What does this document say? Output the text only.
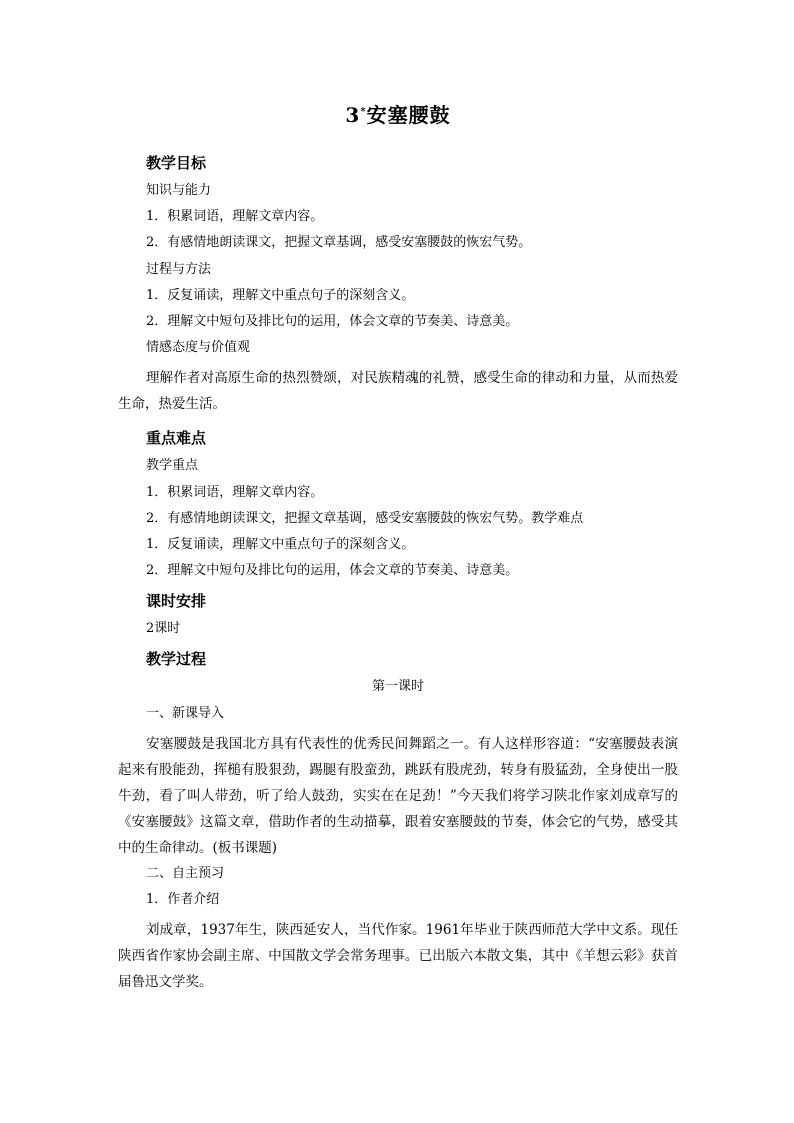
3*安塞腰鼓
教学目标
知识与能力
1．积累词语，理解文章内容。
2．有感情地朗读课文，把握文章基调，感受安塞腰鼓的恢宏气势。
过程与方法
1．反复诵读，理解文中重点句子的深刻含义。
2．理解文中短句及排比句的运用，体会文章的节奏美、诗意美。
情感态度与价值观

理解作者对高原生命的热烈赞颂，对民族精魂的礼赞，感受生命的律动和力量，从而热爱生命，热爱生活。

重点难点
教学重点
1．积累词语，理解文章内容。
2．有感情地朗读课文，把握文章基调，感受安塞腰鼓的恢宏气势。教学难点
1．反复诵读，理解文中重点句子的深刻含义。
2．理解文中短句及排比句的运用，体会文章的节奏美、诗意美。
课时安排
2课时
教学过程
第一课时
一、新课导入

安塞腰鼓是我国北方具有代表性的优秀民间舞蹈之一。有人这样形容道：“安塞腰鼓表演起来有股能劲，挥槌有股狠劲，踢腿有股蛮劲，跳跃有股虎劲，转身有股猛劲，全身使出一股牛劲，看了叫人带劲，听了给人鼓劲，实实在在足劲！”今天我们将学习陕北作家刘成章写的《安塞腰鼓》这篇文章，借助作者的生动描摹，跟着安塞腰鼓的节奏，体会它的气势，感受其中的生命律动。(板书课题)

二、自主预习
1．作者介绍

刘成章，1937年生，陕西延安人，当代作家。1961年毕业于陕西师范大学中文系。现任陕西省作家协会副主席、中国散文学会常务理事。已出版六本散文集，其中《羊想云彩》获首届鲁迅文学奖。
